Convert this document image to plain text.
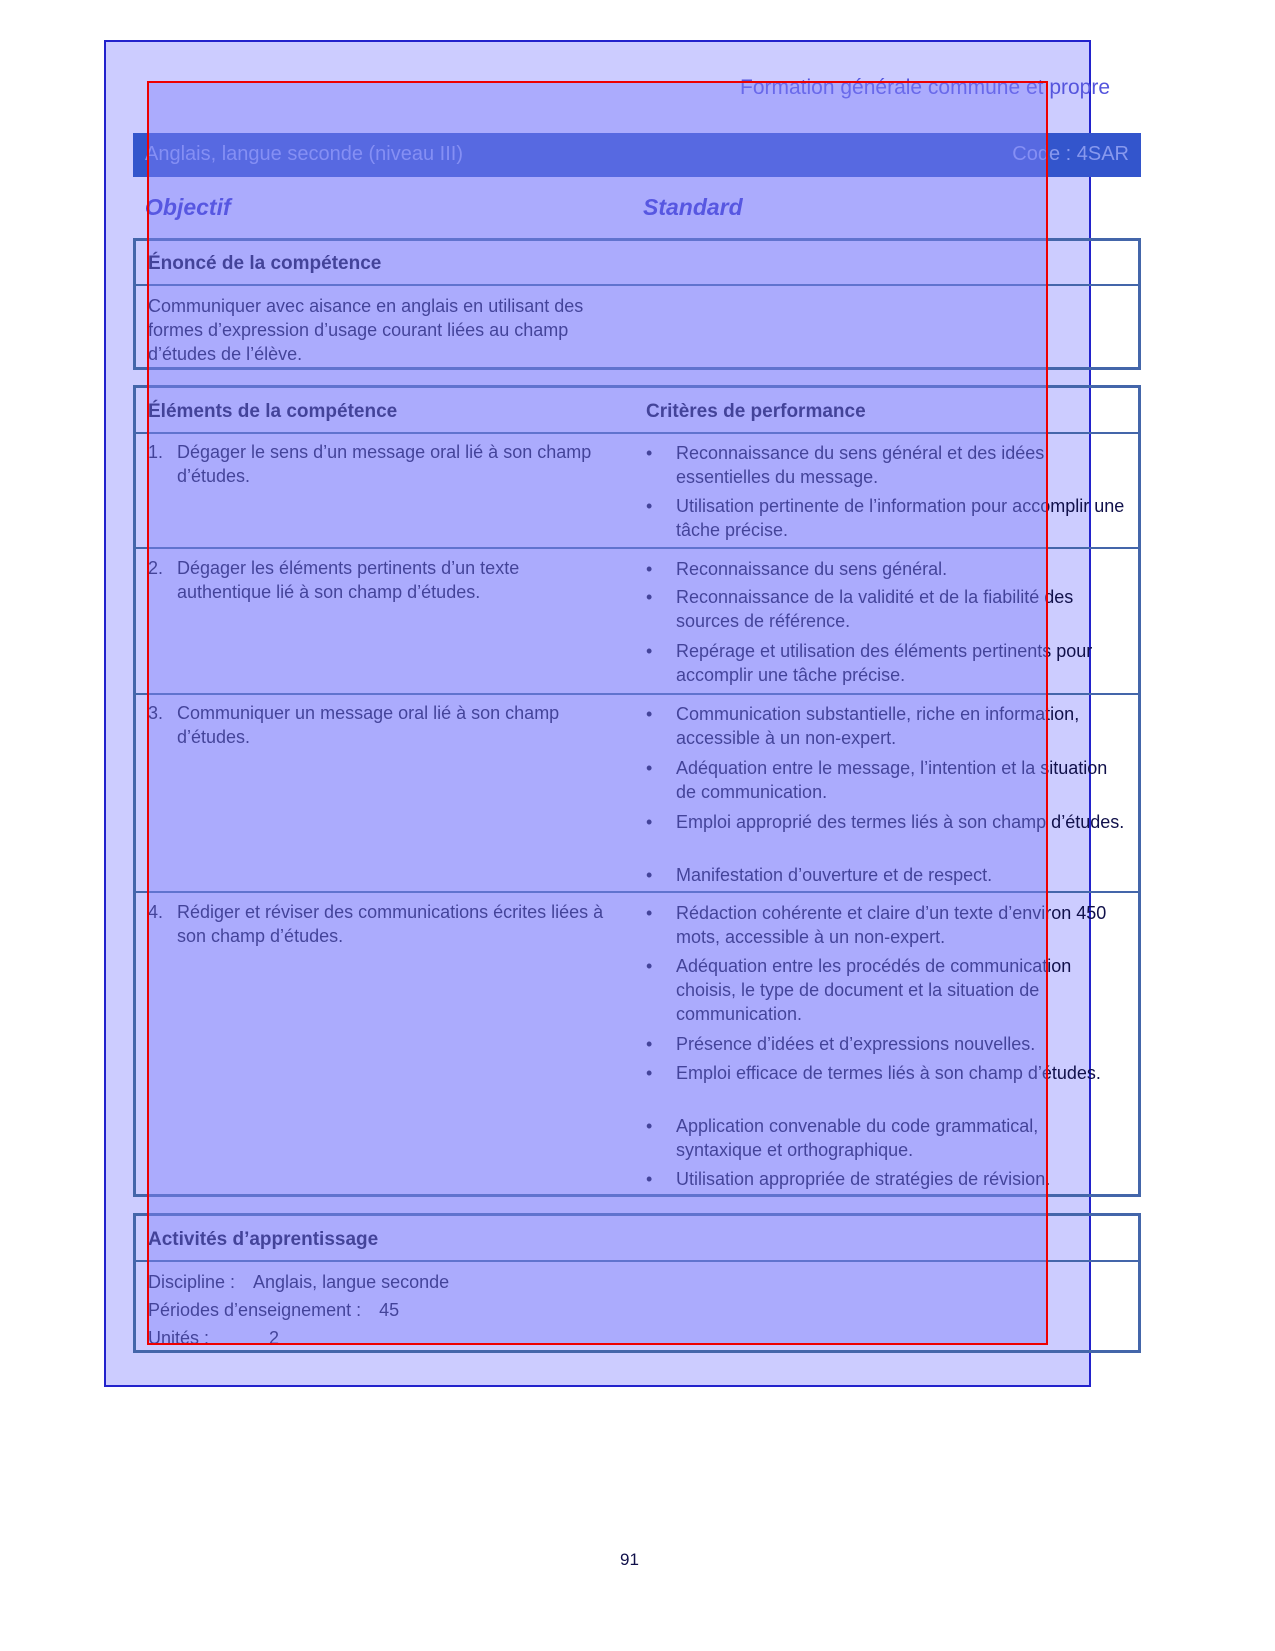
Formation générale commune et propre
Anglais, langue seconde (niveau III)	Code : 4SAR
Objectif	Standard
Énoncé de la compétence
Communiquer avec aisance en anglais en utilisant des formes d’expression d’usage courant liées au champ d’études de l’élève.
Éléments de la compétence	Critères de performance
1. Dégager le sens d’un message oral lié à son champ d’études.
•	Reconnaissance du sens général et des idées essentielles du message.
•	Utilisation pertinente de l’information pour accomplir une tâche précise.
2. Dégager les éléments pertinents d’un texte authentique lié à son champ d’études.
•	Reconnaissance du sens général.
•	Reconnaissance de la validité et de la fiabilité des sources de référence.
•	Repérage et utilisation des éléments pertinents pour accomplir une tâche précise.
3. Communiquer un message oral lié à son champ d’études.
•	Communication substantielle, riche en information, accessible à un non-expert.
•	Adéquation entre le message, l’intention et la situation de communication.
•	Emploi approprié des termes liés à son champ d’études.
•	Manifestation d’ouverture et de respect.
4. Rédiger et réviser des communications écrites liées à son champ d’études.
•	Rédaction cohérente et claire d’un texte d’environ 450 mots, accessible à un non-expert.
•	Adéquation entre les procédés de communication choisis, le type de document et la situation de communication.
•	Présence d’idées et d’expressions nouvelles.
•	Emploi efficace de termes liés à son champ d’études.
•	Application convenable du code grammatical, syntaxique et orthographique.
•	Utilisation appropriée de stratégies de révision.
Activités d’apprentissage
Discipline : Anglais, langue seconde
Périodes d’enseignement : 45
Unités :	2
91
